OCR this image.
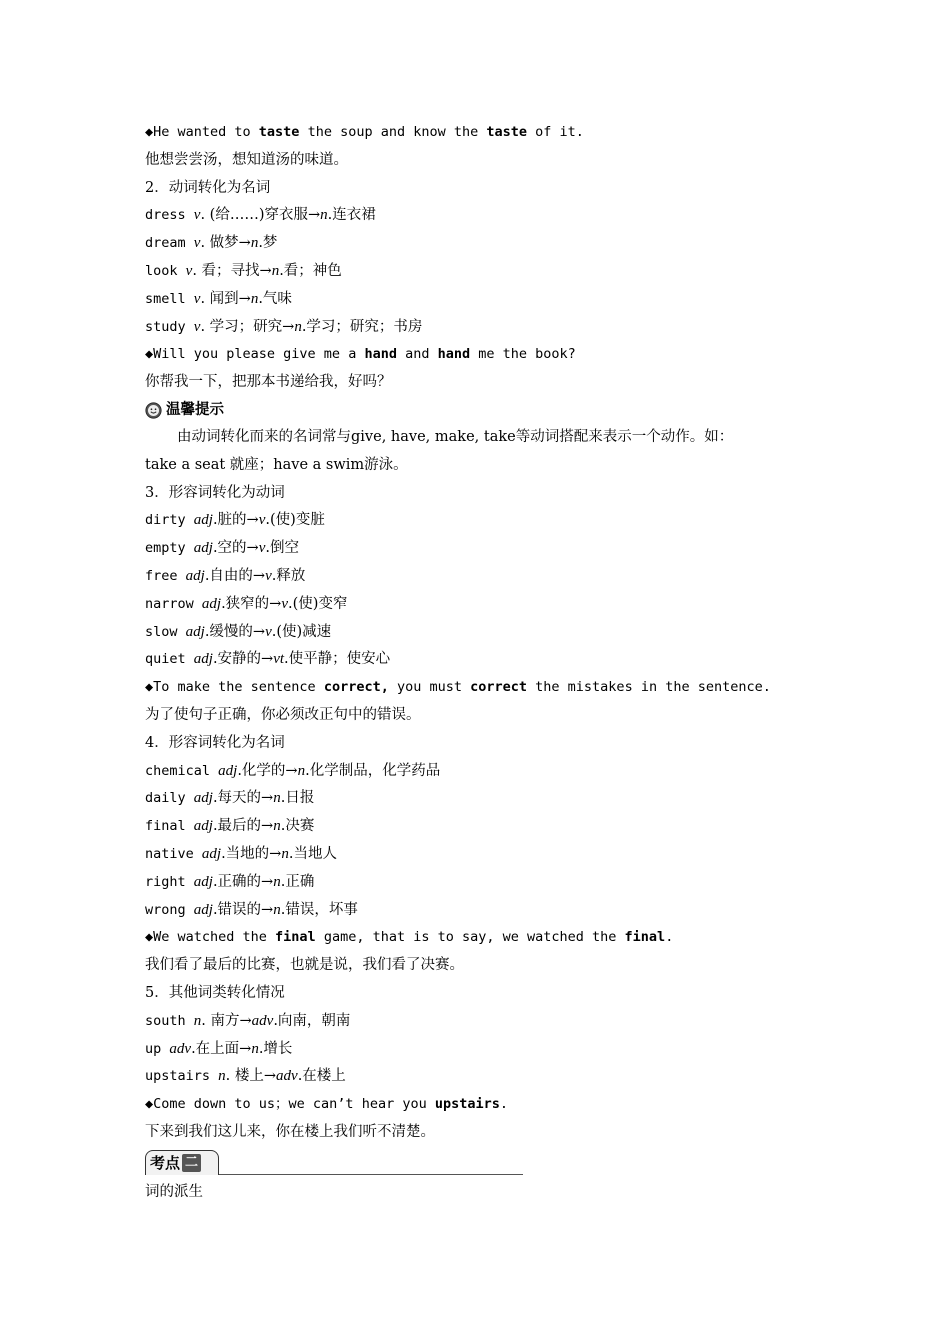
◆He wanted to taste the soup and know the taste of it.
他想尝尝汤，想知道汤的味道。
2．动词转化为名词
dress v. (给……)穿衣服→n.连衣裙
dream v. 做梦→n.梦
look v. 看；寻找→n.看；神色
smell v. 闻到→n.气味
study v. 学习；研究→n.学习；研究；书房
◆Will you please give me a hand and hand me the book?
你帮我一下，把那本书递给我，好吗？
温馨提示
由动词转化而来的名词常与give, have, make, take等动词搭配来表示一个动作。如：
take a seat 就座；have a swim游泳。
3．形容词转化为动词
dirty adj.脏的→v.(使)变脏
empty adj.空的→v.倒空
free adj.自由的→v.释放
narrow adj.狭窄的→v.(使)变窄
slow adj.缓慢的→v.(使)减速
quiet adj.安静的→vt.使平静；使安心
◆To make the sentence correct, you must correct the mistakes in the sentence.
为了使句子正确，你必须改正句中的错误。
4．形容词转化为名词
chemical adj.化学的→n.化学制品，化学药品
daily adj.每天的→n.日报
final adj.最后的→n.决赛
native adj.当地的→n.当地人
right adj.正确的→n.正确
wrong adj.错误的→n.错误，坏事
◆We watched the final game, that is to say, we watched the final.
我们看了最后的比赛，也就是说，我们看了决赛。
5．其他词类转化情况
south n. 南方→adv.向南，朝南
up adv.在上面→n.增长
upstairs n. 楼上→adv.在楼上
◆Come down to us；we can’t hear you upstairs.
下来到我们这儿来，你在楼上我们听不清楚。
考点 二
词的派生
